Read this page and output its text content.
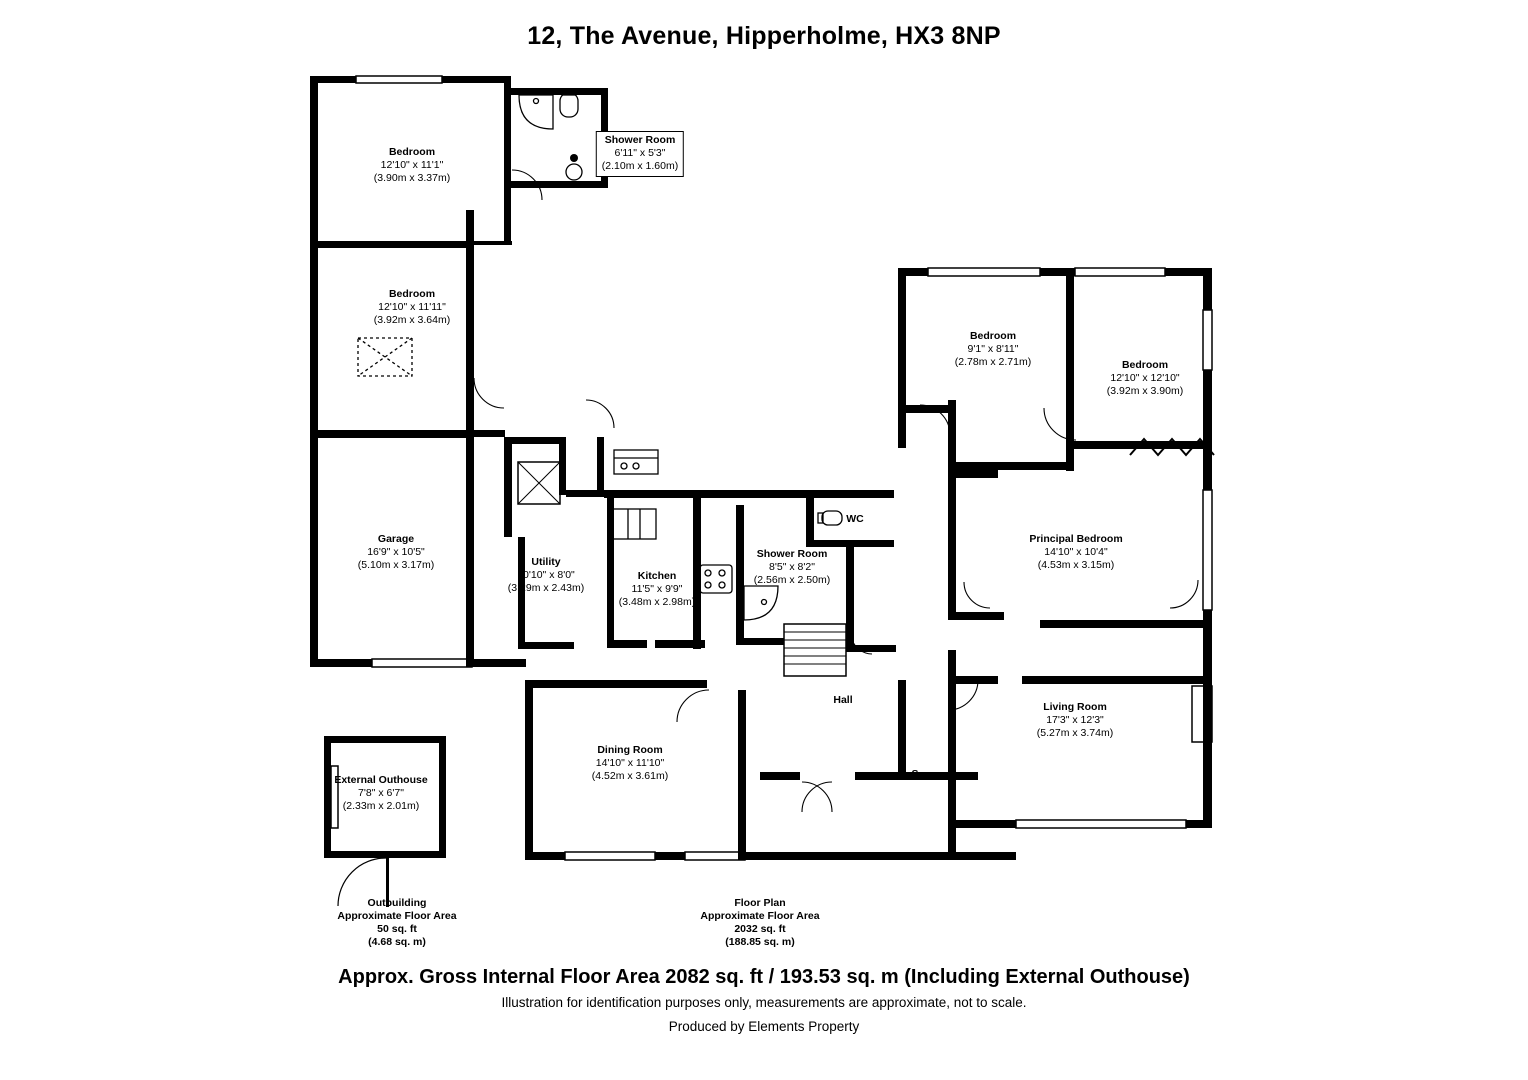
12, The Avenue, Hipperholme, HX3 8NP
Bedroom
12'10" x 11'1"
(3.90m x 3.37m)
Shower Room
6'11" x 5'3"
(2.10m x 1.60m)
Bedroom
12'10" x 11'11"
(3.92m x 3.64m)
Bedroom
9'1" x 8'11"
(2.78m x 2.71m)	Bedroom
12'10" x 12'10"
(3.92m x 3.90m)
Garage
16'9" x 10'5"
(5.10m x 3.17m)
Principal Bedroom
14'10" x 10'4"
(4.53m x 3.15m)
Utility
10'10" x 8'0"
(3.29m x 2.43m)
Shower Room
8'5" x 8'2"
(2.56m x 2.50m)
Kitchen
11'5" x 9'9"
(3.48m x 2.98m)
Living Room
17'3" x 12'3"
(5.27m x 3.74m)
Dining Room
14'10" x 11'10"
(4.52m x 3.61m)
External Outhouse
7'8" x 6'7"
(2.33m x 2.01m)
WC
S
Hall
S
Outbuilding
Approximate Floor Area
50 sq. ft
(4.68 sq. m)
Floor Plan
Approximate Floor Area
2032 sq. ft
(188.85 sq. m)
Approx. Gross Internal Floor Area 2082 sq. ft / 193.53 sq. m (Including External Outhouse)
Illustration for identification purposes only, measurements are approximate, not to scale.
Produced by Elements Property
